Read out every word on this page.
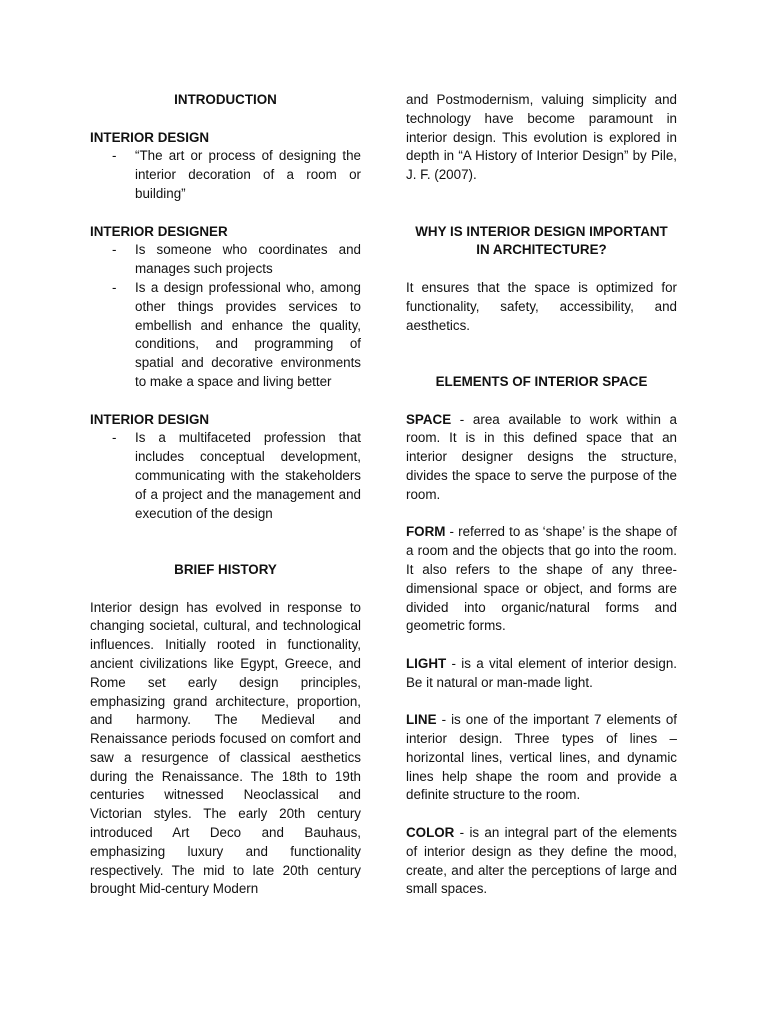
INTRODUCTION
INTERIOR DESIGN
- “The art or process of designing the interior decoration of a room or building”
INTERIOR DESIGNER
- Is someone who coordinates and manages such projects
- Is a design professional who, among other things provides services to embellish and enhance the quality, conditions, and programming of spatial and decorative environments to make a space and living better
INTERIOR DESIGN
- Is a multifaceted profession that includes conceptual development, communicating with the stakeholders of a project and the management and execution of the design
BRIEF HISTORY

Interior design has evolved in response to changing societal, cultural, and technological influences. Initially rooted in functionality, ancient civilizations like Egypt, Greece, and Rome set early design principles, emphasizing grand architecture, proportion, and harmony. The Medieval and Renaissance periods focused on comfort and saw a resurgence of classical aesthetics during the Renaissance. The 18th to 19th centuries witnessed Neoclassical and Victorian styles. The early 20th century introduced Art Deco and Bauhaus, emphasizing luxury and functionality respectively. The mid to late 20th century brought Mid-century Modern

and Postmodernism, valuing simplicity and technology have become paramount in interior design. This evolution is explored in depth in “A History of Interior Design” by Pile, J. F. (2007).

WHY IS INTERIOR DESIGN IMPORTANT IN ARCHITECTURE?

It ensures that the space is optimized for functionality, safety, accessibility, and aesthetics.

ELEMENTS OF INTERIOR SPACE

SPACE - area available to work within a room. It is in this defined space that an interior designer designs the structure, divides the space to serve the purpose of the room.

FORM - referred to as ‘shape’ is the shape of a room and the objects that go into the room. It also refers to the shape of any three-dimensional space or object, and forms are divided into organic/natural forms and geometric forms.

LIGHT - is a vital element of interior design. Be it natural or man-made light.

LINE - is one of the important 7 elements of interior design. Three types of lines – horizontal lines, vertical lines, and dynamic lines help shape the room and provide a definite structure to the room.

COLOR - is an integral part of the elements of interior design as they define the mood, create, and alter the perceptions of large and small spaces.
